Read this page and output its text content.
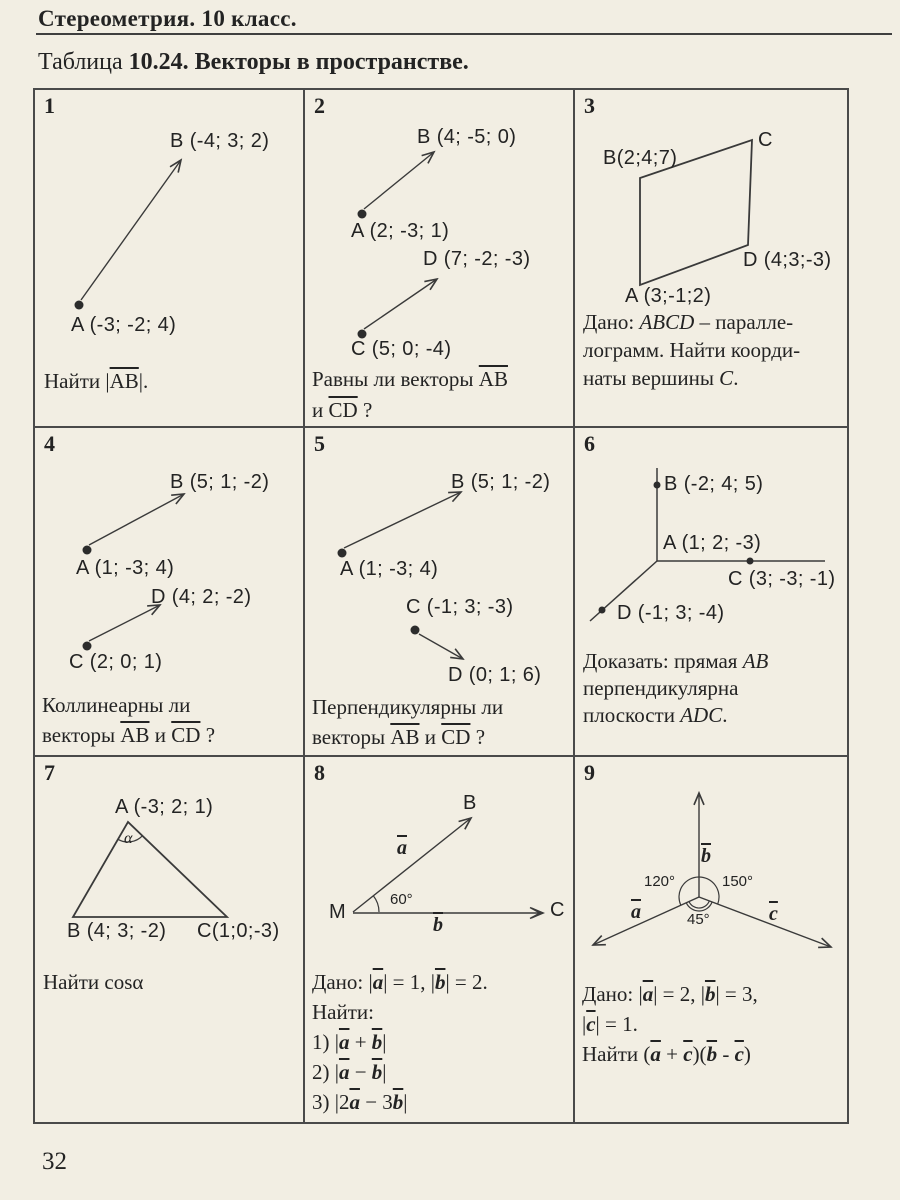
Стереометрия. 10 класс.
Таблица 10.24. Векторы в пространстве.
1
B (-4; 3; 2)
A (-3; -2; 4)
Найти $|\overline{AB}|$.
2
B (4; -5; 0)
A (2; -3; 1)
D (7; -2; -3)
C (5; 0; -4)
Равны ли векторы $\overline{AB}$
и $\overline{CD}$ ?
3
B(2;4;7)
C
D (4;3;-3)
A (3;-1;2)
Дано: ABCD – паралле-
лограмм. Найти коорди-
наты вершины C.
4
B (5; 1; -2)
A (1; -3; 4)
D (4; 2; -2)
C (2; 0; 1)
Коллинеарны ли
векторы $\overline{AB}$ и $\overline{CD}$ ?
5
B (5; 1; -2)
A (1; -3; 4)
C (-1; 3; -3)
D (0; 1; 6)
Перпендикулярны ли
векторы $\overline{AB}$ и $\overline{CD}$ ?
6
B (-2; 4; 5)
A (1; 2; -3)
C (3; -3; -1)
D (-1; 3; -4)
Доказать: прямая AB
перпендикулярна
плоскости ADC.
7
A (-3; 2; 1)
α
B (4; 3; -2) C(1;0;-3)
Найти cosα
8
B
M	C
$\overline{a}$
$\overline{b}$
60°
Дано: $|\overline{a}| = 1$, $|\overline{b}| = 2$.
Найти:
1) $|\overline{a} + \overline{b}|$
2) $|\overline{a} - \overline{b}|$
3) $|2\overline{a} - 3\overline{b}|$
9
$\overline{b}$
$\overline{a}$	$\overline{c}$
120°	150°
45°
Дано: $|\overline{a}| = 2$, $|\overline{b}| = 3$,
$|\overline{c}| = 1$.
Найти $(\overline{a} + \overline{c})(\overline{b} - \overline{c})$
32
